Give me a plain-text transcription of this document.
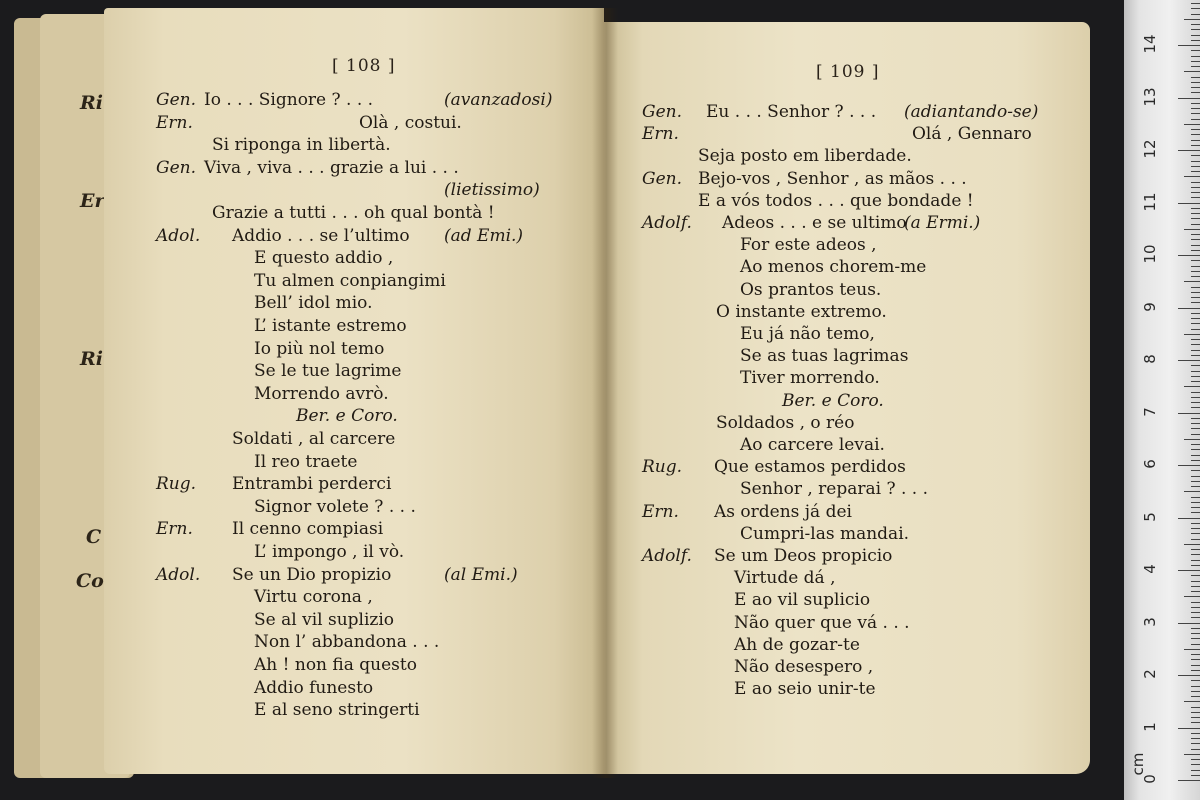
Ri
Er
Ri
C
Co
[ 108 ]
Gen. Io . . . Signore ? . . .	(avanzadosi)
Ern.	Olà , costui.
Si riponga in libertà.
Gen. Viva , viva . . . grazie a lui . . .
(lietissimo)
Grazie a tutti . . . oh qual bontà !
Adol. Addio . . . se l’ultimo (ad Emi.)
E questo addio ,
Tu almen conpiangimi
Bell’ idol mio.
L’ istante estremo
Io più nol temo
Se le tue lagrime
Morrendo avrò.
Ber. e Coro.
Soldati , al carcere
Il reo traete
Rug. Entrambi perderci
Signor volete ? . . .
Ern. Il cenno compiasi
L’ impongo , il vò.
Adol. Se un Dio propizio	(al Emi.)
Virtu corona ,
Se al vil suplizio
Non l’ abbandona . . .
Ah ! non fia questo
Addio funesto
E al seno stringerti
[ 109 ]
Gen. Eu . . . Senhor ? . . . (adiantando-se)
Ern.	Olá , Gennaro
Seja posto em liberdade.
Gen. Bejo-vos , Senhor , as mãos . . .
E a vós todos . . . que bondade !
Adolf. Adeos . . . e se ultimo
(a Ermi.)
For este adeos ,
Ao menos chorem-me
Os prantos teus.
O instante extremo.
Eu já não temo,
Se as tuas lagrimas
Tiver morrendo.
Ber. e Coro.
Soldados , o réo
Ao carcere levai.
Rug. Que estamos perdidos
Senhor , reparai ? . . .
Ern. As ordens já dei
Cumpri-las mandai.
Adolf. Se um Deos propicio
Virtude dá ,
E ao vil suplicio
Não quer que vá . . .
Ah de gozar-te
Não desespero ,
E ao seio unir-te
0
1
2
3
4
5
6
7
8
9
10
11
12
13
14
cm
